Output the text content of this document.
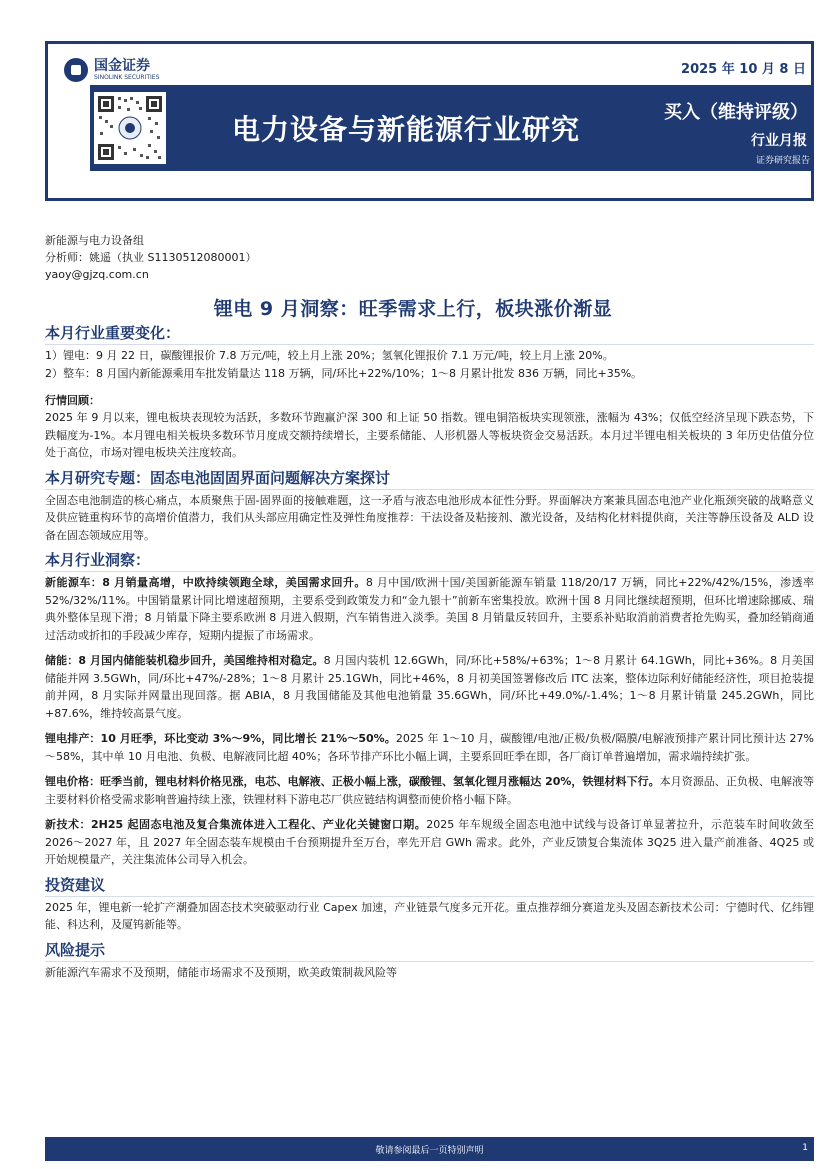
国金证券
SINOLINK SECURITIES	2025 年 10 月 8 日
电力设备与新能源行业研究
买入（维持评级）
行业月报
证券研究报告
新能源与电力设备组
分析师：姚遥（执业 S1130512080001）
yaoy@gjzq.com.cn
锂电 9 月洞察：旺季需求上行，板块涨价渐显
本月行业重要变化：
1）锂电：9 月 22 日，碳酸锂报价 7.8 万元/吨，较上月上涨 20%；氢氧化锂报价 7.1 万元/吨，较上月上涨 20%。
2）整车：8 月国内新能源乘用车批发销量达 118 万辆，同/环比+22%/10%；1～8 月累计批发 836 万辆，同比+35%。
行情回顾：
2025 年 9 月以来，锂电板块表现较为活跃，多数环节跑赢沪深 300 和上证 50 指数。锂电铜箔板块实现领涨，涨幅为 43%；仅低空经济呈现下跌态势，下跌幅度为-1%。本月锂电相关板块多数环节月度成交额持续增长，主要系储能、人形机器人等板块资金交易活跃。本月过半锂电相关板块的 3 年历史估值分位处于高位，市场对锂电板块关注度较高。
本月研究专题：固态电池固固界面问题解决方案探讨
全固态电池制造的核心痛点，本质聚焦于固-固界面的接触难题，这一矛盾与液态电池形成本征性分野。界面解决方案兼具固态电池产业化瓶颈突破的战略意义及供应链重构环节的高增价值潜力，我们从头部应用确定性及弹性角度推荐：干法设备及粘接剂、激光设备，及结构化材料提供商，关注等静压设备及 ALD 设备在固态领域应用等。
本月行业洞察：
新能源车：8 月销量高增，中欧持续领跑全球，美国需求回升。8 月中国/欧洲十国/美国新能源车销量 118/20/17 万辆，同比+22%/42%/15%，渗透率 52%/32%/11%。中国销量累计同比增速超预期，主要系受到政策发力和“金九银十”前新车密集投放。欧洲十国 8 月同比继续超预期，但环比增速除挪威、瑞典外整体呈现下滑；8 月销量下降主要系欧洲 8 月进入假期，汽车销售进入淡季。美国 8 月销量反转回升，主要系补贴取消前消费者抢先购买，叠加经销商通过活动或折扣的手段减少库存，短期内提振了市场需求。
储能：8 月国内储能装机稳步回升，美国维持相对稳定。8 月国内装机 12.6GWh，同/环比+58%/+63%；1～8 月累计 64.1GWh，同比+36%。8 月美国储能并网 3.5GWh，同/环比+47%/-28%；1～8 月累计 25.1GWh，同比+46%，8 月初美国签署修改后 ITC 法案，整体边际利好储能经济性，项目抢装提前并网，8 月实际并网量出现回落。据 ABIA，8 月我国储能及其他电池销量 35.6GWh，同/环比+49.0%/-1.4%；1～8 月累计销量 245.2GWh，同比+87.6%，维持较高景气度。
锂电排产：10 月旺季，环比变动 3%～9%，同比增长 21%～50%。2025 年 1～10 月，碳酸锂/电池/正极/负极/隔膜/电解液预排产累计同比预计达 27%～58%，其中单 10 月电池、负极、电解液同比超 40%；各环节排产环比小幅上调，主要系回旺季在即，各厂商订单普遍增加，需求端持续扩张。
锂电价格：旺季当前，锂电材料价格见涨，电芯、电解液、正极小幅上涨，碳酸锂、氢氧化锂月涨幅达 20%，铁锂材料下行。本月资源品、正负极、电解液等主要材料价格受需求影响普遍持续上涨，铁锂材料下游电芯厂供应链结构调整而使价格小幅下降。
新技术：2H25 起固态电池及复合集流体进入工程化、产业化关键窗口期。2025 年车规级全固态电池中试线与设备订单显著拉升，示范装车时间收敛至 2026～2027 年，且 2027 年全固态装车规模由千台预期提升至万台，率先开启 GWh 需求。此外，产业反馈复合集流体 3Q25 进入量产前准备、4Q25 或开始规模量产，关注集流体公司导入机会。
投资建议
2025 年，锂电新一轮扩产潮叠加固态技术突破驱动行业 Capex 加速，产业链景气度多元开花。重点推荐细分赛道龙头及固态新技术公司：宁德时代、亿纬锂能、科达利，及厦钨新能等。
风险提示
新能源汽车需求不及预期，储能市场需求不及预期，欧美政策制裁风险等
敬请参阅最后一页特别声明	1
